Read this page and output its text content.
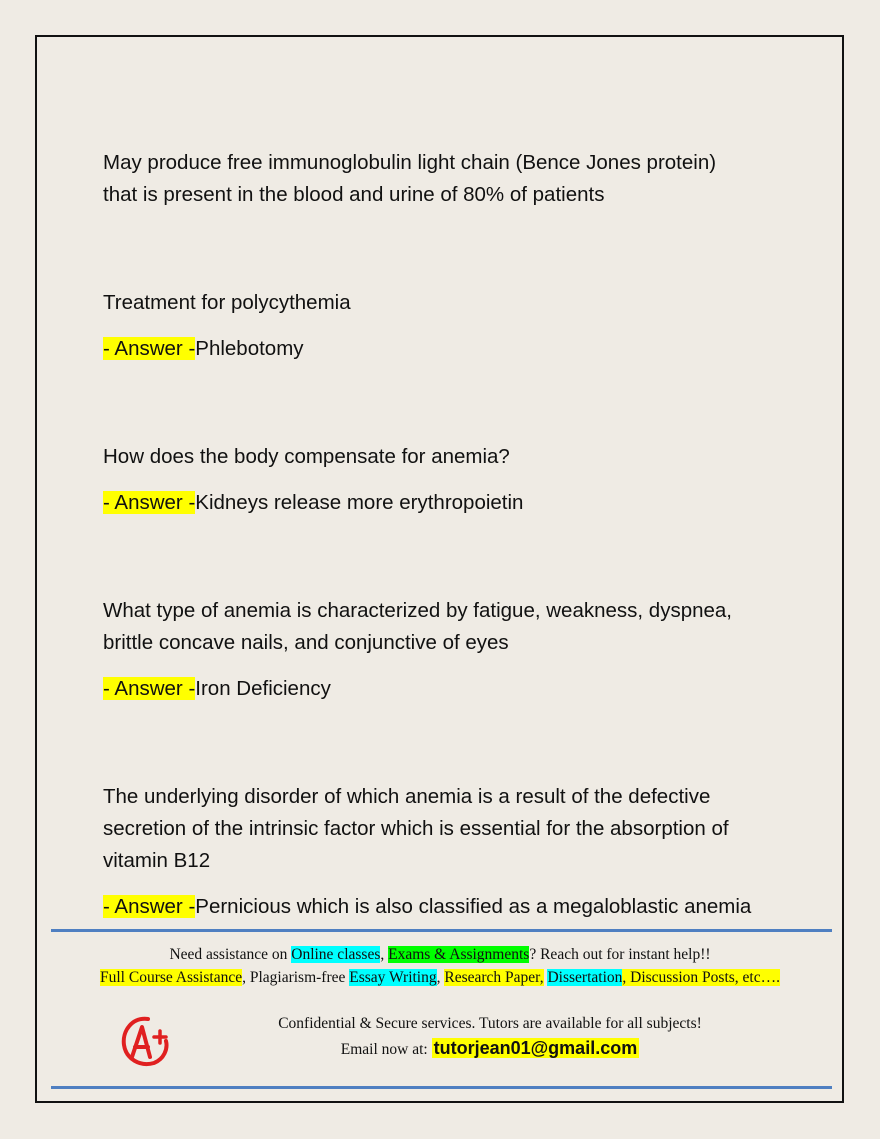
May produce free immunoglobulin light chain (Bence Jones protein)

that is present in the blood and urine of 80% of patients

Treatment for polycythemia

- Answer -Phlebotomy

How does the body compensate for anemia?

- Answer -Kidneys release more erythropoietin

What type of anemia is characterized by fatigue, weakness, dyspnea,

brittle concave nails, and conjunctive of eyes

- Answer -Iron Deficiency

The underlying disorder of which anemia is a result of the defective

secretion of the intrinsic factor which is essential for the absorption of

vitamin B12

- Answer -Pernicious which is also classified as a megaloblastic anemia

Need assistance on Online classes, Exams & Assignments? Reach out for instant help!!
Full Course Assistance, Plagiarism-free Essay Writing, Research Paper, Dissertation, Discussion Posts, etc….
Confidential & Secure services. Tutors are available for all subjects!
Email now at: tutorjean01@gmail.com
